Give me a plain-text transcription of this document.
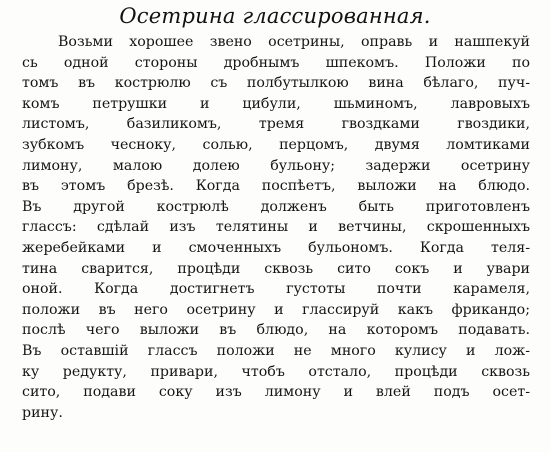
Осетрина глассированная.
Возьми хорошее звено осетрины, оправь и нашпекуй
сь одной стороны дробнымъ шпекомъ. Положи по
томъ въ кострюлю съ полбутылкою вина бѣлаго, пуч-
комъ петрушки и цибули, шьминомъ, лавровыхъ
листомъ, базиликомъ, тремя гвоздками гвоздики,
зубкомъ чесноку, солью, перцомъ, двумя ломтиками
лимону, малою долею бульону; задержи осетрину
въ этомъ брезѣ. Когда поспѣетъ, выложи на блюдо.
Въ другой кострюлѣ долженъ быть приготовленъ
глассъ: сдѣлай изъ телятины и ветчины, скрошенныхъ
жеребейками и смоченныхъ бульономъ. Когда теля-
тина сварится, процѣди сквозь сито сокъ и увари
оной. Когда достигнетъ густоты почти карамеля,
положи въ него осетрину и глассируй какъ фрикандо;
послѣ чего выложи въ блюдо, на которомъ подавать.
Въ оставшій глассъ положи не много кулису и лож-
ку редукту, привари, чтобъ отстало, процѣди сквозь
сито, подави соку изъ лимону и влей подъ осет-
рину.
